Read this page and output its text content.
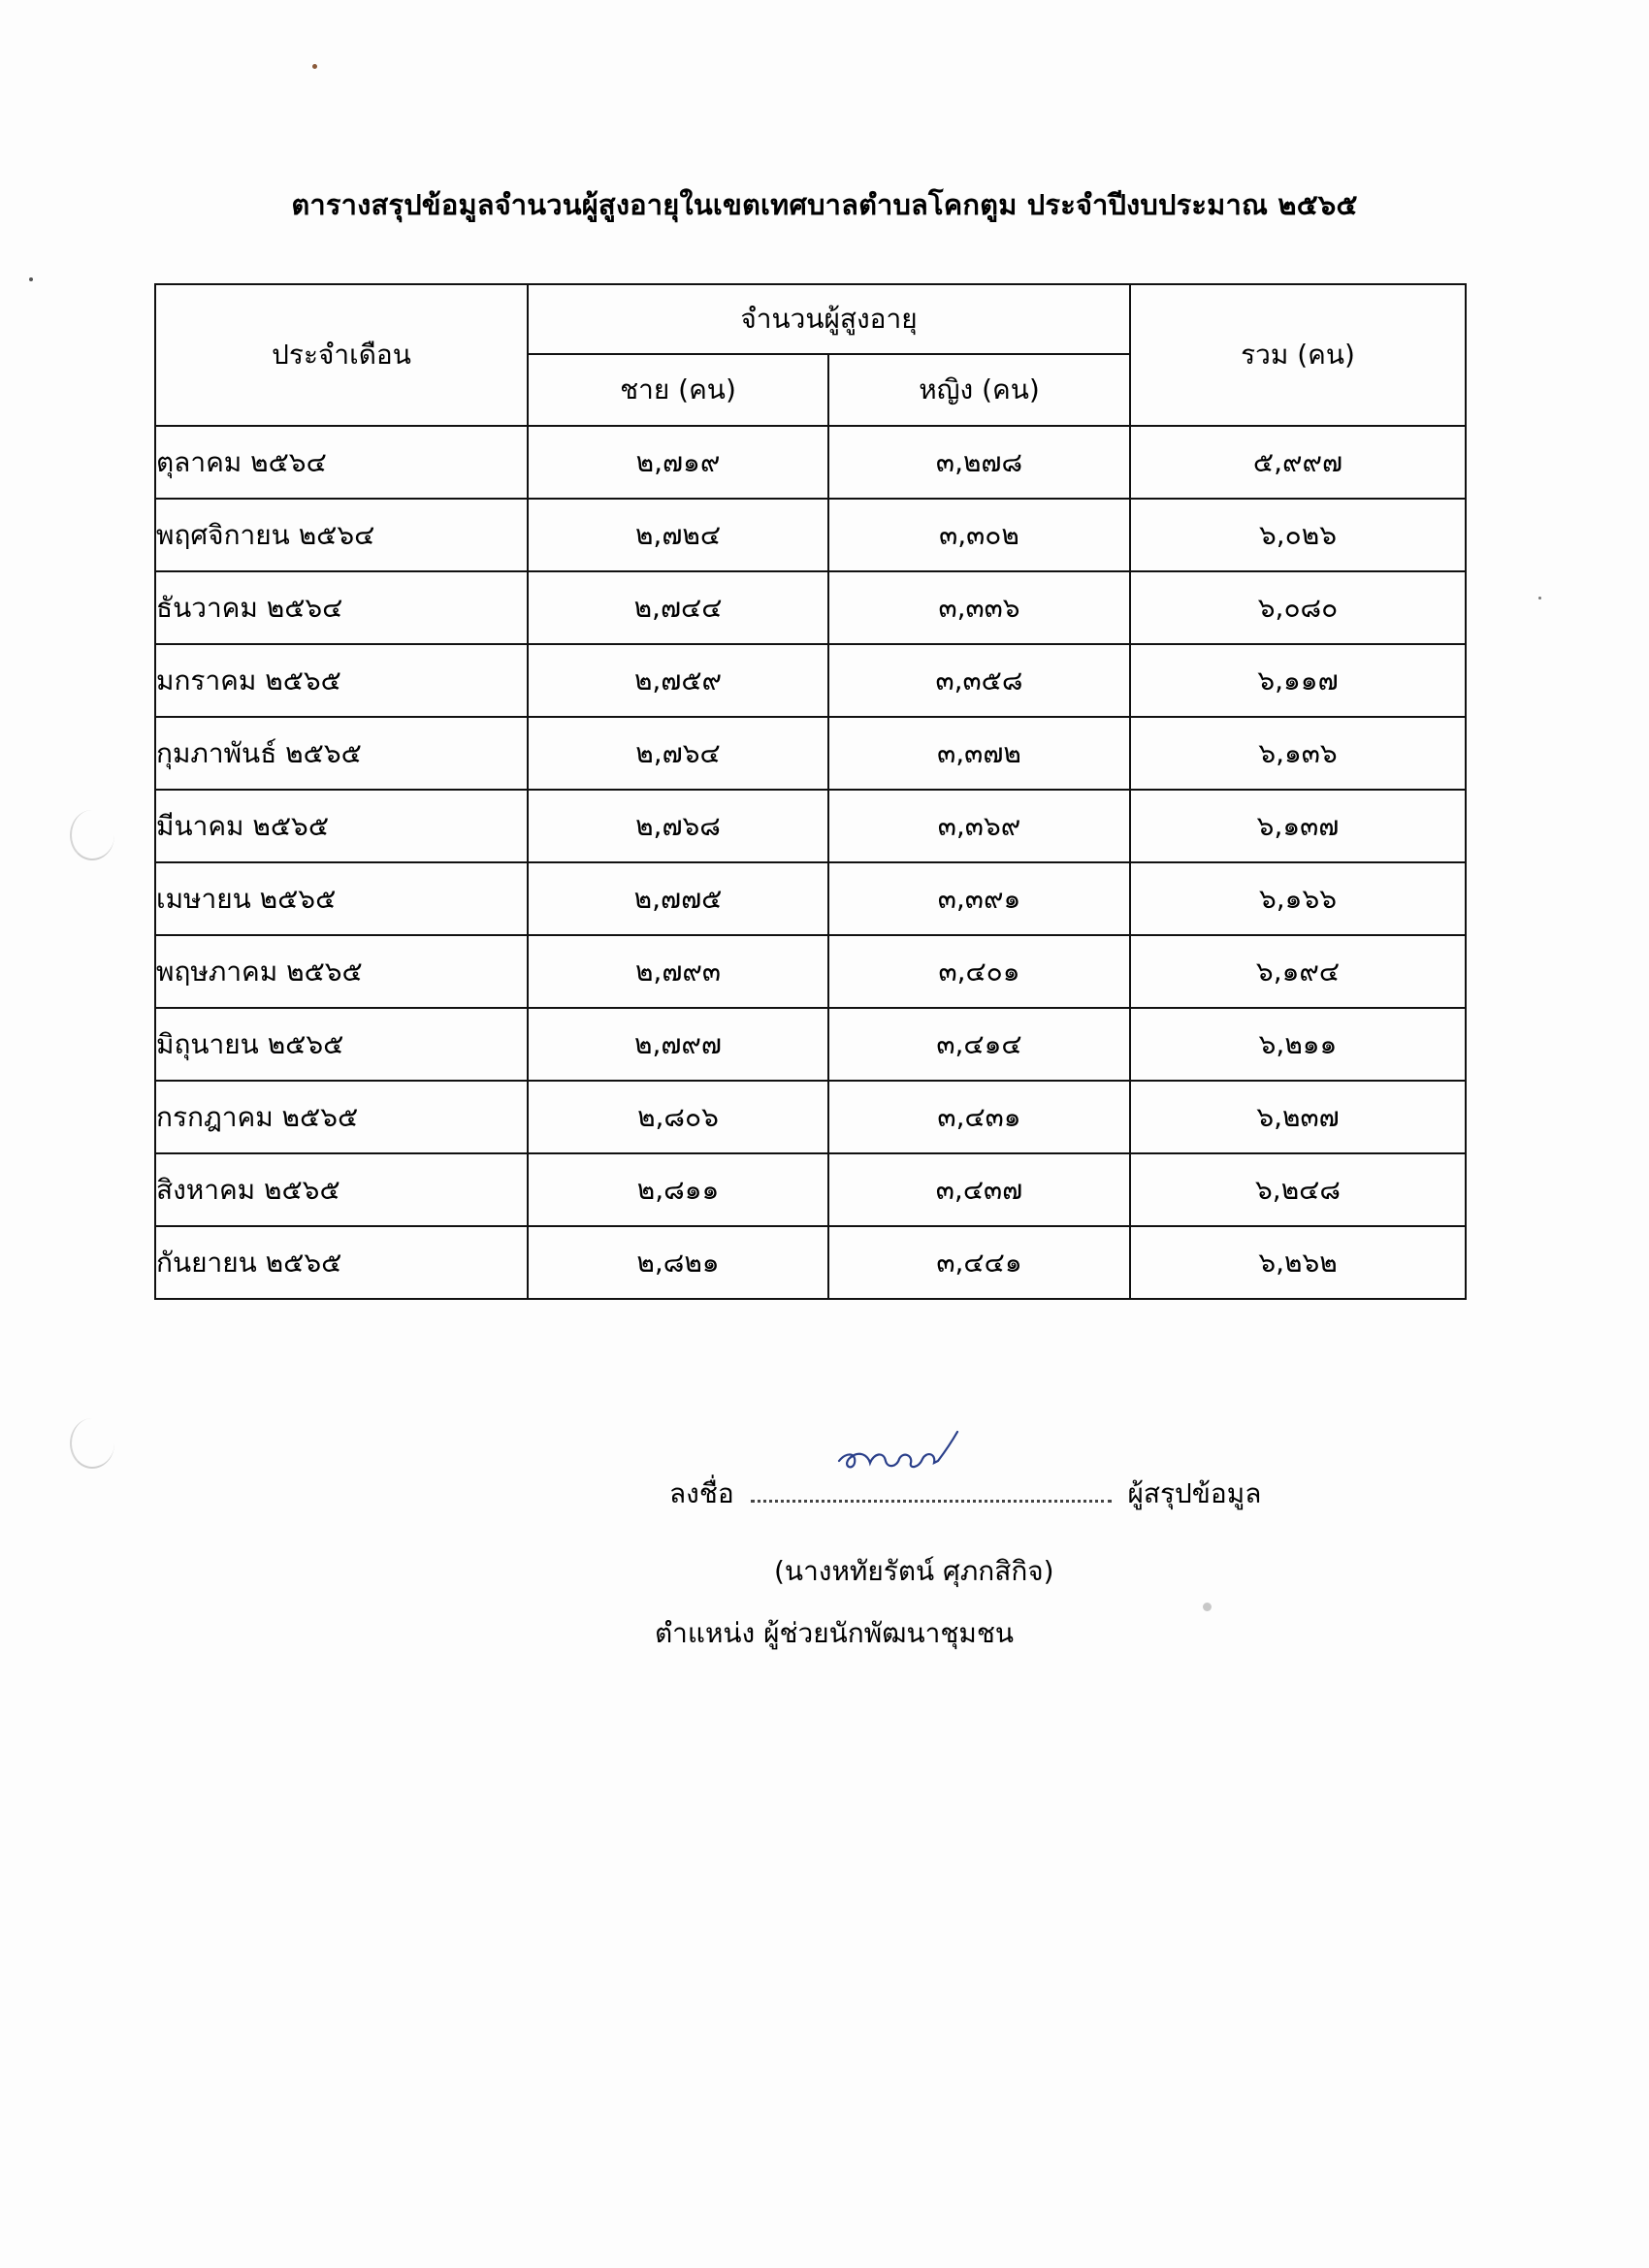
ตารางสรุปข้อมูลจำนวนผู้สูงอายุในเขตเทศบาลตำบลโคกตูม ประจำปีงบประมาณ ๒๕๖๕
ประจำเดือน	จำนวนผู้สูงอายุ		รวม (คน)
	ชาย (คน)	หญิง (คน)	
ตุลาคม ๒๕๖๔	๒,๗๑๙	๓,๒๗๘	๕,๙๙๗
พฤศจิกายน ๒๕๖๔	๒,๗๒๔	๓,๓๐๒	๖,๐๒๖
ธันวาคม ๒๕๖๔	๒,๗๔๔	๓,๓๓๖	๖,๐๘๐
มกราคม ๒๕๖๕	๒,๗๕๙	๓,๓๕๘	๖,๑๑๗
กุมภาพันธ์ ๒๕๖๕	๒,๗๖๔	๓,๓๗๒	๖,๑๓๖
มีนาคม ๒๕๖๕	๒,๗๖๘	๓,๓๖๙	๖,๑๓๗
เมษายน ๒๕๖๕	๒,๗๗๕	๓,๓๙๑	๖,๑๖๖
พฤษภาคม ๒๕๖๕	๒,๗๙๓	๓,๔๐๑	๖,๑๙๔
มิถุนายน ๒๕๖๕	๒,๗๙๗	๓,๔๑๔	๖,๒๑๑
กรกฎาคม ๒๕๖๕	๒,๘๐๖	๓,๔๓๑	๖,๒๓๗
สิงหาคม ๒๕๖๕	๒,๘๑๑	๓,๔๓๗	๖,๒๔๘
กันยายน ๒๕๖๕	๒,๘๒๑	๓,๔๔๑	๖,๒๖๒
ลงชื่อ	ผู้สรุปข้อมูล
(นางหทัยรัตน์ ศุภกสิกิจ)
ตำแหน่ง ผู้ช่วยนักพัฒนาชุมชน
